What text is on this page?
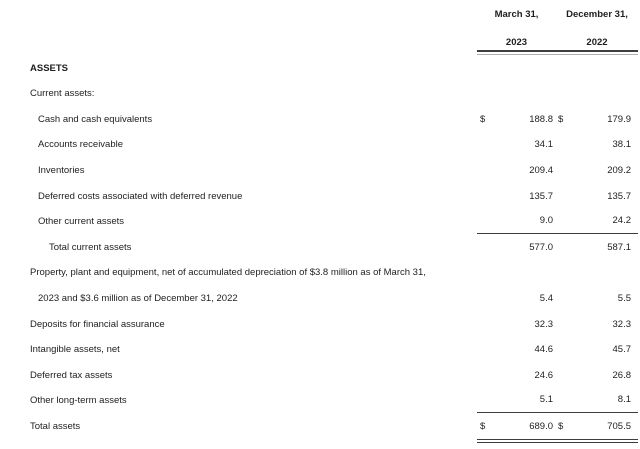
March 31,
2023
December 31,
2022
ASSETS
Current assets:
Cash and cash equivalents	$	188.8 $	179.9
Accounts receivable	34.1	38.1
Inventories	209.4	209.2
Deferred costs associated with deferred revenue	135.7	135.7
Other current assets	9.0	24.2
Total current assets	577.0	587.1
Property, plant and equipment, net of accumulated depreciation of $3.8 million as of March 31,
2023 and $3.6 million as of December 31, 2022	5.4	5.5
Deposits for financial assurance	32.3	32.3
Intangible assets, net	44.6	45.7
Deferred tax assets	24.6	26.8
Other long-term assets	5.1	8.1
Total assets	$	689.0 $	705.5
